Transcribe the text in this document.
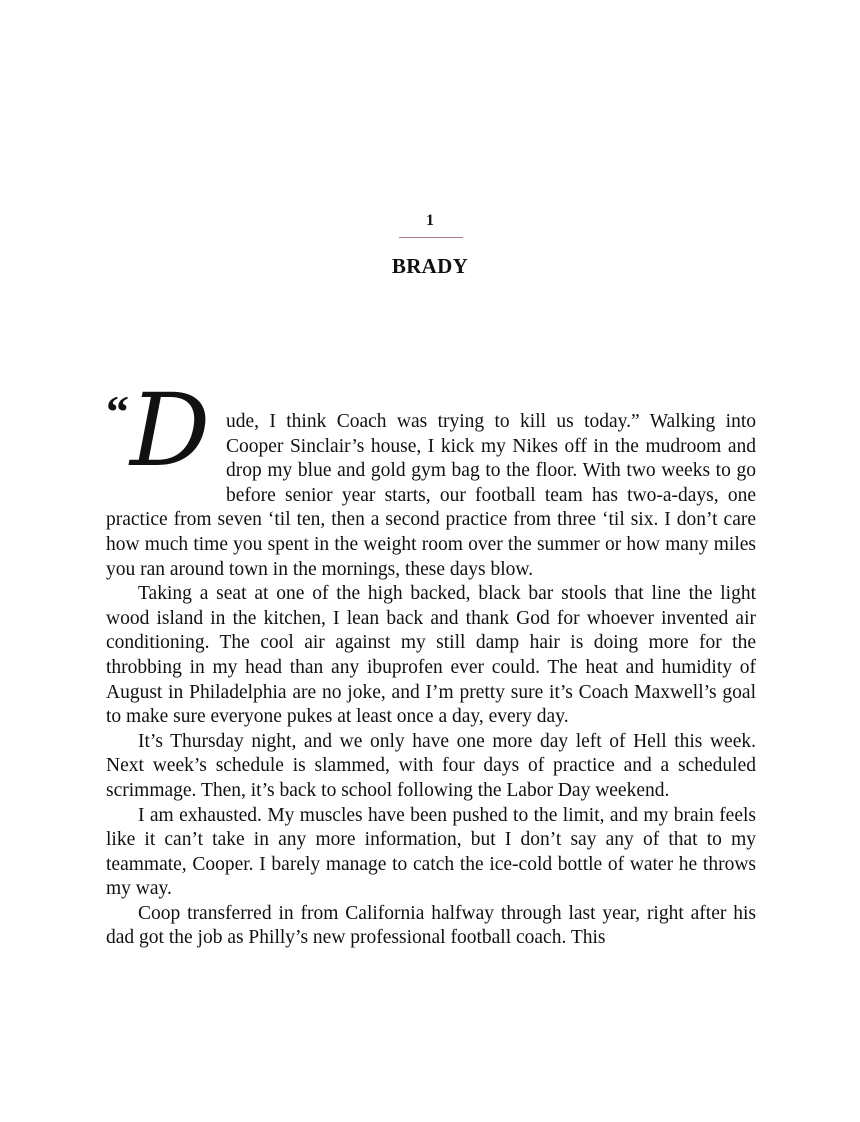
1
BRADY

“ D ude, I think Coach was trying to kill us today.” Walking into Cooper Sinclair’s house, I kick my Nikes off in the mudroom and drop my blue and gold gym bag to the floor. With two weeks to go before senior year starts, our football team has two-a-days, one practice from seven ‘til ten, then a second practice from three ‘til six. I don’t care how much time you spent in the weight room over the summer or how many miles you ran around town in the mornings, these days blow.

Taking a seat at one of the high backed, black bar stools that line the light wood island in the kitchen, I lean back and thank God for whoever invented air conditioning. The cool air against my still damp hair is doing more for the throbbing in my head than any ibuprofen ever could. The heat and humidity of August in Philadelphia are no joke, and I’m pretty sure it’s Coach Maxwell’s goal to make sure everyone pukes at least once a day, every day.

It’s Thursday night, and we only have one more day left of Hell this week. Next week’s schedule is slammed, with four days of practice and a scheduled scrimmage. Then, it’s back to school following the Labor Day weekend.

I am exhausted. My muscles have been pushed to the limit, and my brain feels like it can’t take in any more information, but I don’t say any of that to my teammate, Cooper. I barely manage to catch the ice-cold bottle of water he throws my way.

Coop transferred in from California halfway through last year, right after his dad got the job as Philly’s new professional football coach. This
